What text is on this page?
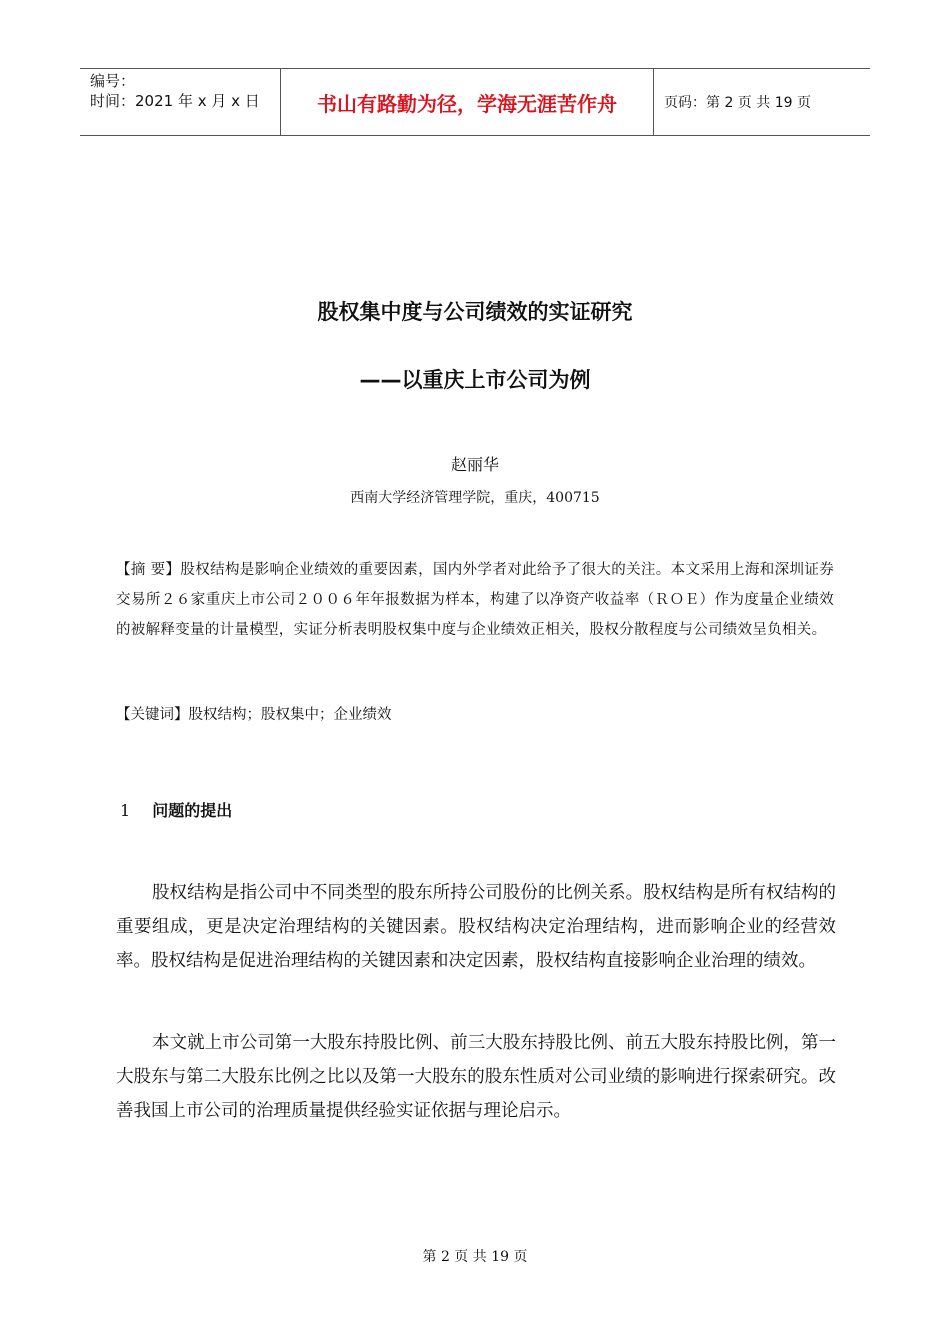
编号：
时间：2021 年 x 月 x 日	书山有路勤为径，学海无涯苦作舟	页码：第 2 页 共 19 页
股权集中度与公司绩效的实证研究
——以重庆上市公司为例
赵丽华
西南大学经济管理学院，重庆，400715
【摘 要】股权结构是影响企业绩效的重要因素，国内外学者对此给予了很大的关注。本文采用上海和深圳证券交易所２６家重庆上市公司２００６年年报数据为样本，构建了以净资产收益率（ＲＯＥ）作为度量企业绩效的被解释变量的计量模型，实证分析表明股权集中度与企业绩效正相关，股权分散程度与公司绩效呈负相关。
【关键词】股权结构；股权集中；企业绩效
1 问题的提出
股权结构是指公司中不同类型的股东所持公司股份的比例关系。股权结构是所有权结构的重要组成，更是决定治理结构的关键因素。股权结构决定治理结构，进而影响企业的经营效率。股权结构是促进治理结构的关键因素和决定因素，股权结构直接影响企业治理的绩效。
本文就上市公司第一大股东持股比例、前三大股东持股比例、前五大股东持股比例，第一大股东与第二大股东比例之比以及第一大股东的股东性质对公司业绩的影响进行探索研究。改善我国上市公司的治理质量提供经验实证依据与理论启示。
第 2 页 共 19 页
